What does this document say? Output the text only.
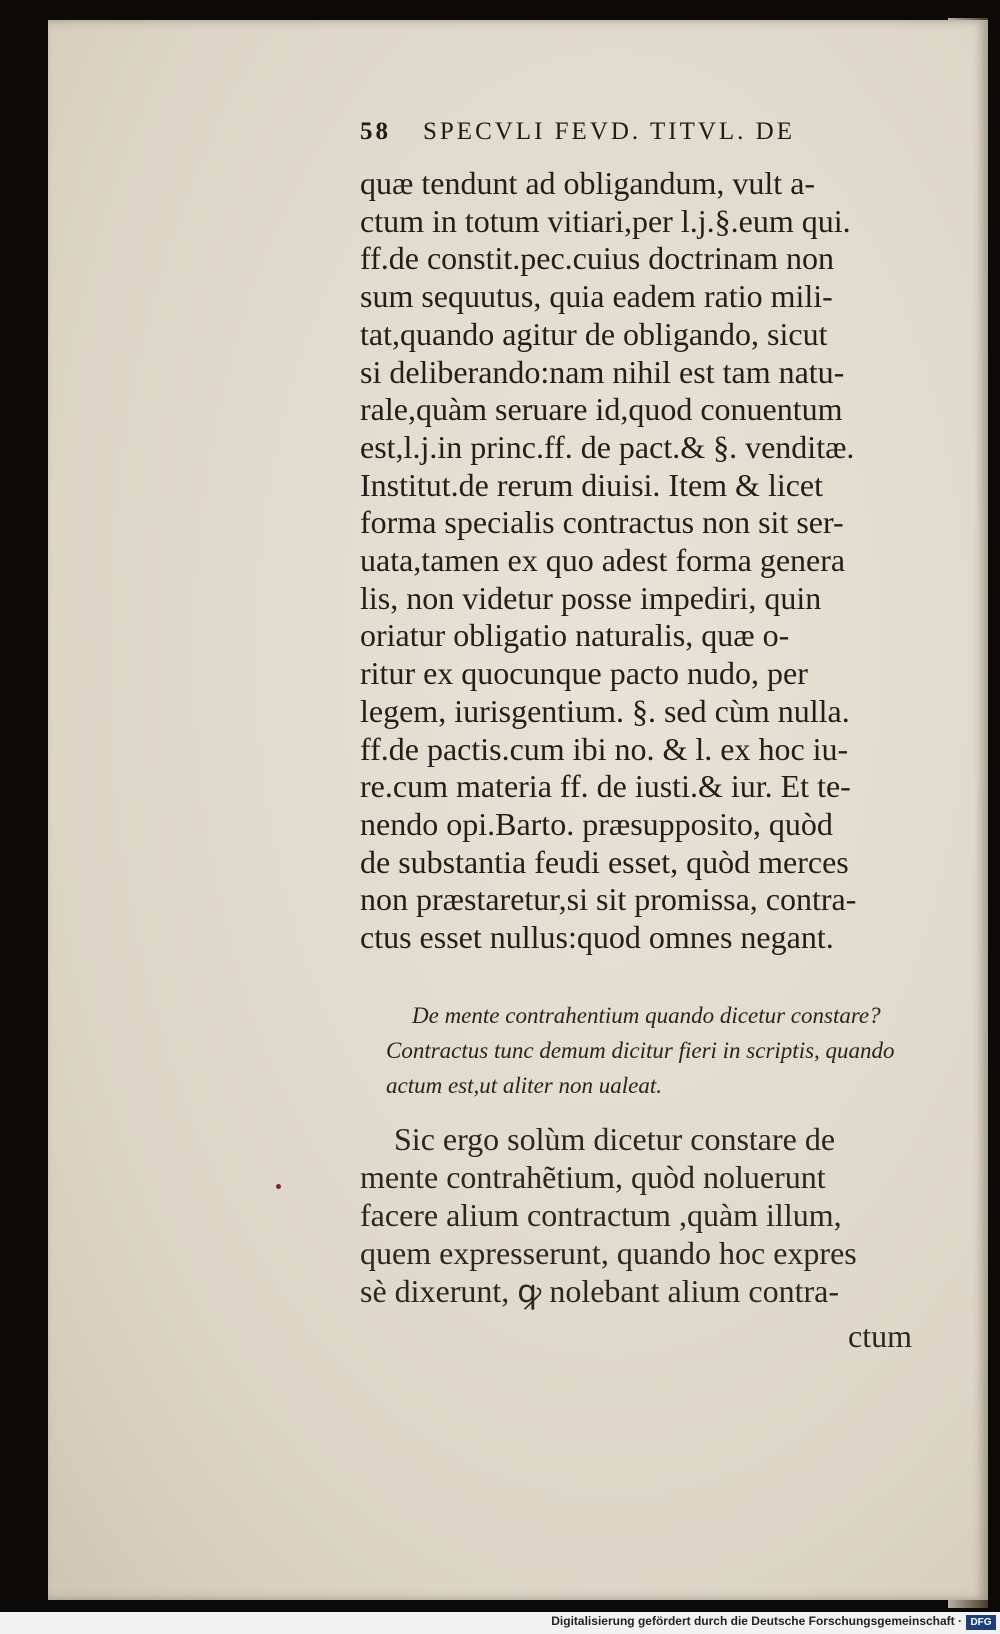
58 SPECVLI FEVD. TITVL. DE
quæ tendunt ad obligandum, vult a-
ctum in totum vitiari,per l.j.§.eum qui.
ff.de constit.pec.cuius doctrinam non
sum sequutus, quia eadem ratio mili-
tat,quando agitur de obligando, sicut
si deliberando:nam nihil est tam natu-
rale,quàm seruare id,quod conuentum
est,l.j.in princ.ff. de pact.& §. venditæ.
Institut.de rerum diuisi. Item & licet
forma specialis contractus non sit ser-
uata,tamen ex quo adest forma genera
lis, non videtur posse impediri, quin
oriatur obligatio naturalis, quæ o-
ritur ex quocunque pacto nudo, per
legem, iurisgentium. §. sed cùm nulla.
ff.de pactis.cum ibi no. & l. ex hoc iu-
re.cum materia ff. de iusti.& iur. Et te-
nendo opi.Barto. præsupposito, quòd
de substantia feudi esset, quòd merces
non præstaretur,si sit promissa, contra-
ctus esset nullus:quod omnes negant.
De mente contrahentium quando dicetur constare?
Contractus tunc demum dicitur fieri in scriptis, quando
actum est,ut aliter non ualeat.
Sic ergo solùm dicetur constare de
mente contrahẽtium, quòd noluerunt
facere alium contractum ,quàm illum,
quem expresserunt, quando hoc expres
sè dixerunt, ꝙ nolebant alium contra-
ctum
Digitalisierung gefördert durch die Deutsche Forschungsgemeinschaft · DFG
